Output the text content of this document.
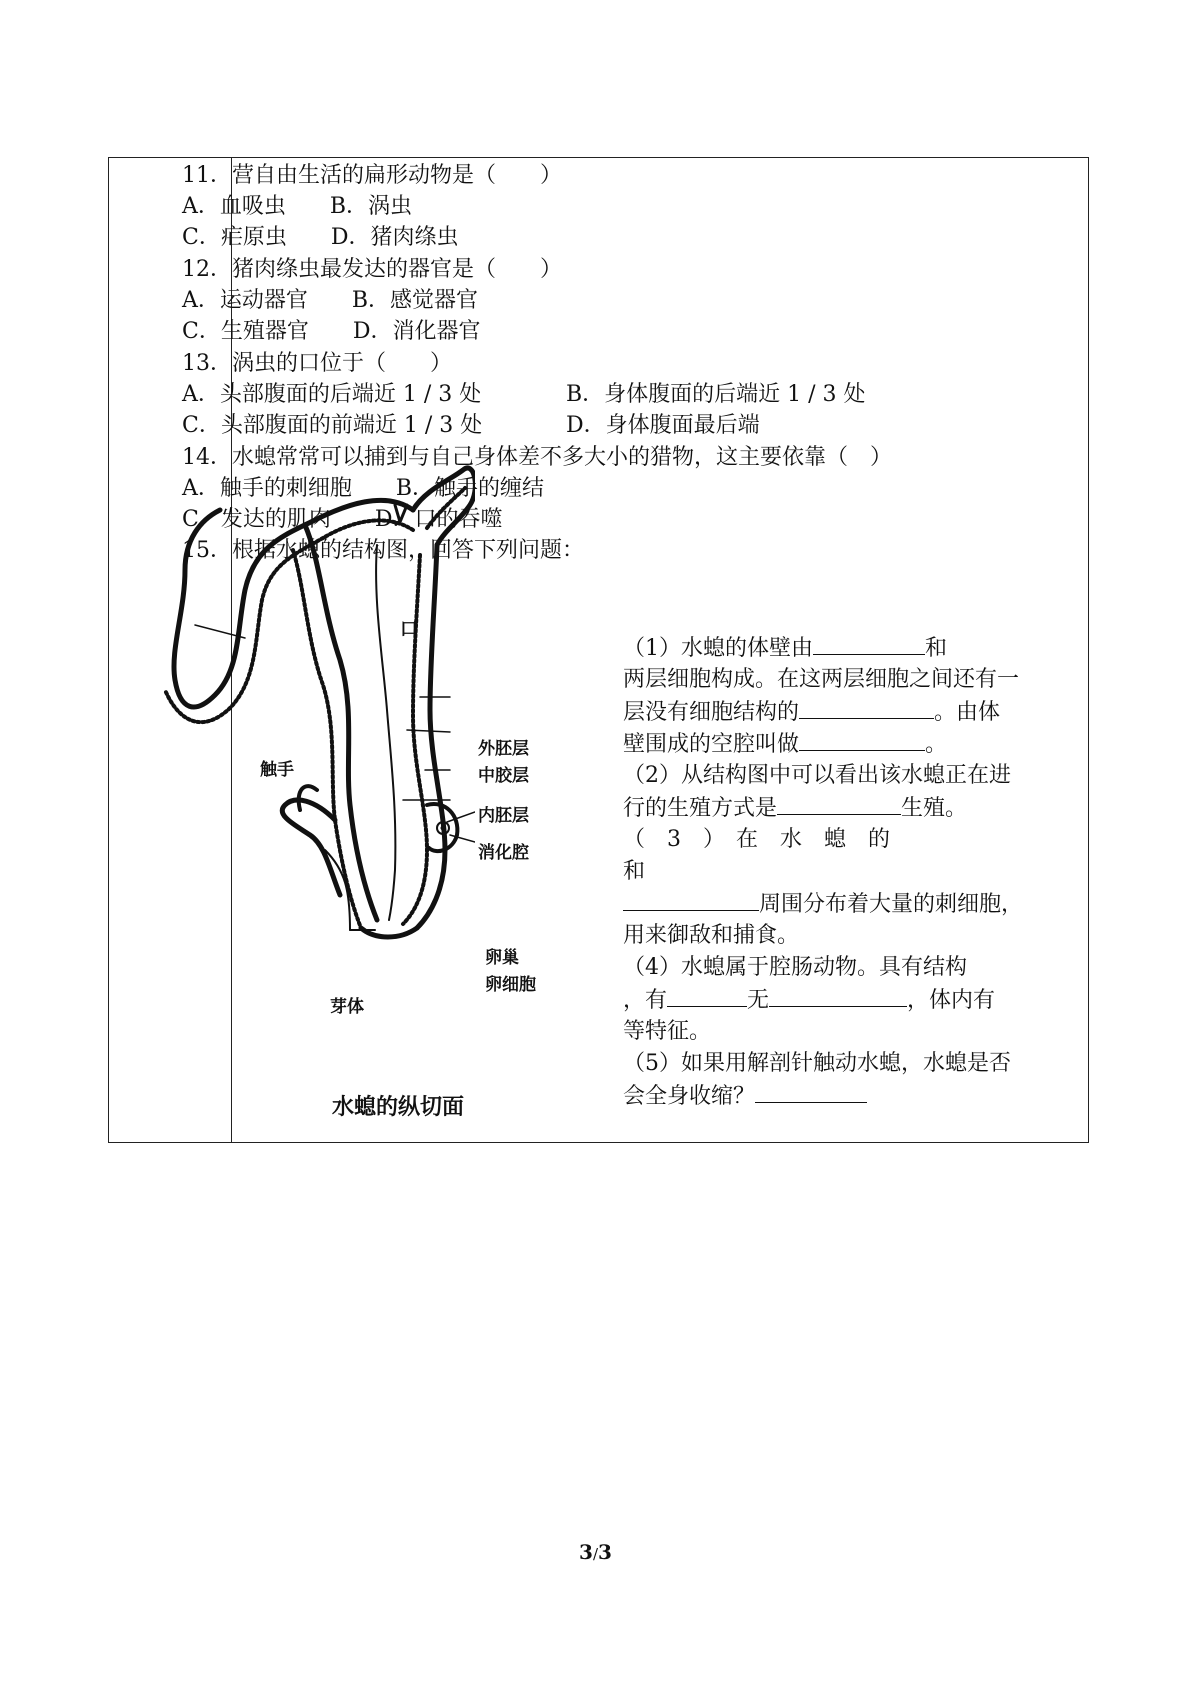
11．营自由生活的扁形动物是（　　）

A．血吸虫　　B．涡虫

C．疟原虫　　D．猪肉绦虫

12．猪肉绦虫最发达的器官是（　　）

A．运动器官　　B．感觉器官

C．生殖器官　　D．消化器官

13．涡虫的口位于（　　）

A．头部腹面的后端近 1 / 3 处

	B．身体腹面的后端近 1 / 3 处

C．头部腹面的前端近 1 / 3 处

	D．身体腹面最后端

14．水螅常常可以捕到与自己身体差不多大小的猎物，这主要依靠（　）

A．触手的刺细胞　　B．触手的缠结

C．发达的肌肉　　D．口的吞噬

15．根据水螅的结构图，回答下列问题：

口
触手
外胚层
中胶层
内胚层
消化腔
卵巢
卵细胞
芽体
水螅的纵切面
（1）水螅的体壁由	和
两层细胞构成。在这两层细胞之间还有一
层没有细胞结构的	。由体
壁围成的空腔叫做	。
（2）从结构图中可以看出该水螅正在进
行的生殖方式是	生殖。
（　3　）　在　水　螅　的
和
周围分布着大量的刺细胞，
用来御敌和捕食。
（4）水螅属于腔肠动物。具有结构
，有	无	，体内有
等特征。
（5）如果用解剖针触动水螅，水螅是否
会全身收缩？
3/3
